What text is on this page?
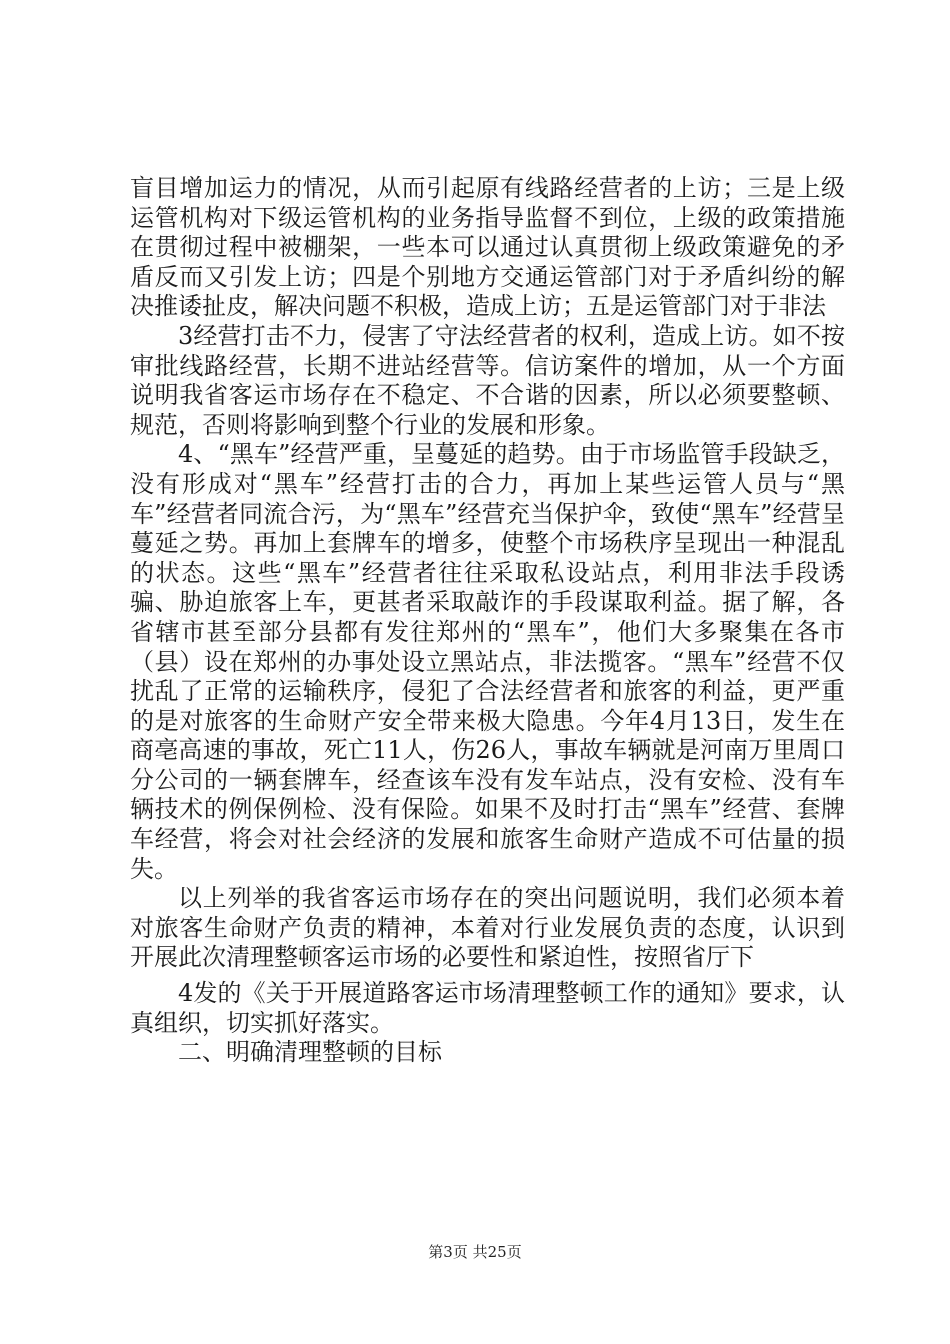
盲目增加运力的情况，从而引起原有线路经营者的上访；三是上级运管机构对下级运管机构的业务指导监督不到位，上级的政策措施在贯彻过程中被棚架，一些本可以通过认真贯彻上级政策避免的矛盾反而又引发上访；四是个别地方交通运管部门对于矛盾纠纷的解决推诿扯皮，解决问题不积极，造成上访；五是运管部门对于非法

3经营打击不力，侵害了守法经营者的权利，造成上访。如不按审批线路经营，长期不进站经营等。信访案件的增加，从一个方面说明我省客运市场存在不稳定、不合谐的因素，所以必须要整顿、规范，否则将影响到整个行业的发展和形象。

4、“黑车”经营严重，呈蔓延的趋势。由于市场监管手段缺乏，没有形成对“黑车”经营打击的合力，再加上某些运管人员与“黑车”经营者同流合污，为“黑车”经营充当保护伞，致使“黑车”经营呈蔓延之势。再加上套牌车的增多，使整个市场秩序呈现出一种混乱的状态。这些“黑车”经营者往往采取私设站点，利用非法手段诱骗、胁迫旅客上车，更甚者采取敲诈的手段谋取利益。据了解，各省辖市甚至部分县都有发往郑州的“黑车”，他们大多聚集在各市（县）设在郑州的办事处设立黑站点，非法揽客。“黑车”经营不仅扰乱了正常的运输秩序，侵犯了合法经营者和旅客的利益，更严重的是对旅客的生命财产安全带来极大隐患。今年4月13日，发生在商亳高速的事故，死亡11人，伤26人，事故车辆就是河南万里周口分公司的一辆套牌车，经查该车没有发车站点，没有安检、没有车辆技术的例保例检、没有保险。如果不及时打击“黑车”经营、套牌车经营，将会对社会经济的发展和旅客生命财产造成不可估量的损失。

以上列举的我省客运市场存在的突出问题说明，我们必须本着对旅客生命财产负责的精神，本着对行业发展负责的态度，认识到开展此次清理整顿客运市场的必要性和紧迫性，按照省厅下

4发的《关于开展道路客运市场清理整顿工作的通知》要求，认真组织，切实抓好落实。

二、明确清理整顿的目标

第3页 共25页
